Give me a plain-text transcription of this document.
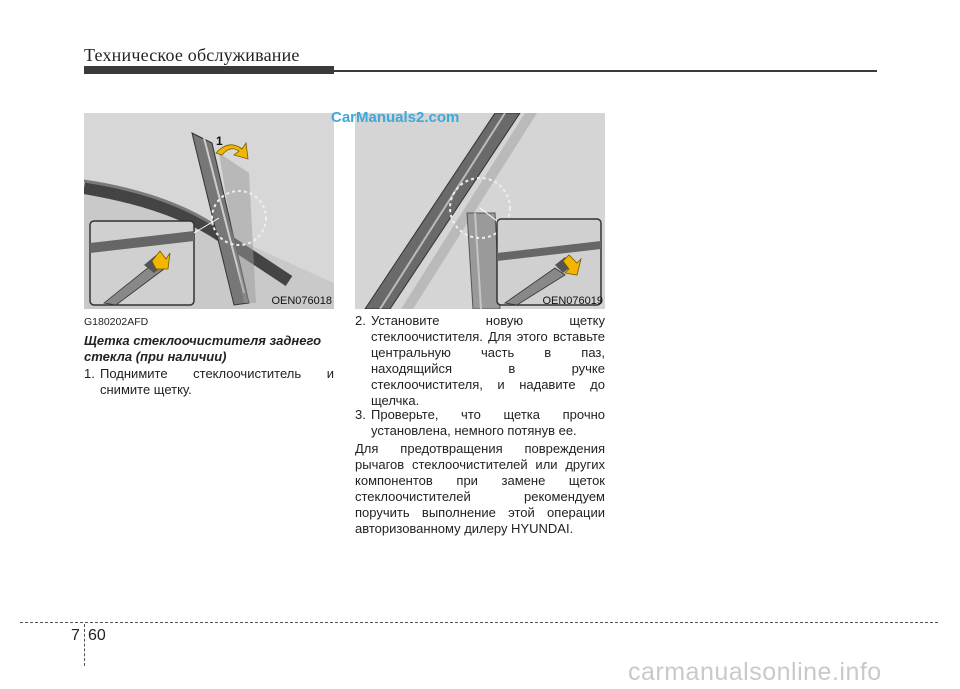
Техническое обслуживание
1
OEN076018	OEN076019
CarManuals2.com
G180202AFD
Щетка стеклоочистителя заднего стекла (при наличии)
1. Поднимите стеклоочиститель и снимите щетку.
2. Установите новую щетку стеклоочистителя. Для этого вставьте центральную часть в паз, находящийся в ручке стеклоочистителя, и надавите до щелчка.
3. Проверьте, что щетка прочно установлена, немного потянув ее.
Для предотвращения повреждения рычагов стеклоочистителей или других компонентов при замене щеток стеклоочистителей рекомендуем поручить выполнение этой операции авторизованному дилеру HYUNDAI.
7 60
carmanualsonline.info
